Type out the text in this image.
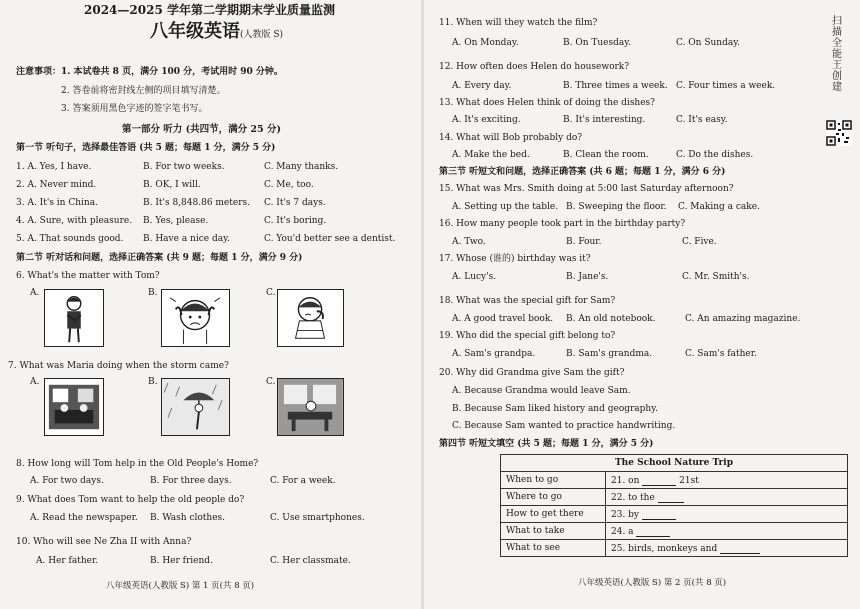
2024—2025 学年第二学期期末学业质量监测
八年级英语(人教版 S)
注意事项：1. 本试卷共 8 页，满分 100 分，考试用时 90 分钟。
2. 答卷前将密封线左侧的项目填写清楚。
3. 答案须用黑色字迹的签字笔书写。
第一部分 听力 (共四节，满分 25 分)
第一节 听句子，选择最佳答语 (共 5 题；每题 1 分，满分 5 分)
1. A. Yes, I have.	B. For two weeks.	C. Many thanks.
2. A. Never mind.	B. OK, I will.	C. Me, too.
3. A. It's in China.	B. It's 8,848.86 meters. C. It's 7 days.
4. A. Sure, with pleasure. B. Yes, please.	C. It's boring.
5. A. That sounds good. B. Have a nice day.	C. You'd better see a dentist.
第二节 听对话和问题，选择正确答案 (共 9 题；每题 1 分，满分 9 分)
6. What's the matter with Tom?
A.	B.	C.
7. What was Maria doing when the storm came?
A.	B.	C.
8. How long will Tom help in the Old People's Home?
A. For two days.	B. For three days.	C. For a week.
9. What does Tom want to help the old people do?
A. Read the newspaper. B. Wash clothes.	C. Use smartphones.
10. Who will see Ne Zha II with Anna?
A. Her father.	B. Her friend.	C. Her classmate.
八年级英语(人教版 S) 第 1 页(共 8 页)
11. When will they watch the film?
A. On Monday.	B. On Tuesday.	C. On Sunday.
12. How often does Helen do housework?
A. Every day.	B. Three times a week. C. Four times a week.
13. What does Helen think of doing the dishes?
A. It's exciting.	B. It's interesting.	C. It's easy.
14. What will Bob probably do?
A. Make the bed.	B. Clean the room.	C. Do the dishes.
第三节 听短文和问题，选择正确答案 (共 6 题；每题 1 分，满分 6 分)
15. What was Mrs. Smith doing at 5:00 last Saturday afternoon?
A. Setting up the table. B. Sweeping the floor. C. Making a cake.
16. How many people took part in the birthday party?
A. Two.	B. Four.	C. Five.
17. Whose (谁的) birthday was it?
A. Lucy's.	B. Jane's.	C. Mr. Smith's.
18. What was the special gift for Sam?
A. A good travel book. B. An old notebook.	C. An amazing magazine.
19. Who did the special gift belong to?
A. Sam's grandpa.	B. Sam's grandma.	C. Sam's father.
20. Why did Grandma give Sam the gift?
A. Because Grandma would leave Sam.
B. Because Sam liked history and geography.
C. Because Sam wanted to practice handwriting.
第四节 听短文填空 (共 5 题；每题 1 分，满分 5 分)
The School Nature Trip	
When to go	21. on 21st
Where to go	22. to the
How to get there	23. by
What to take	24. a
What to see	25. birds, monkeys and
八年级英语(人教版 S) 第 2 页(共 8 页)
扫描全能王 创建
